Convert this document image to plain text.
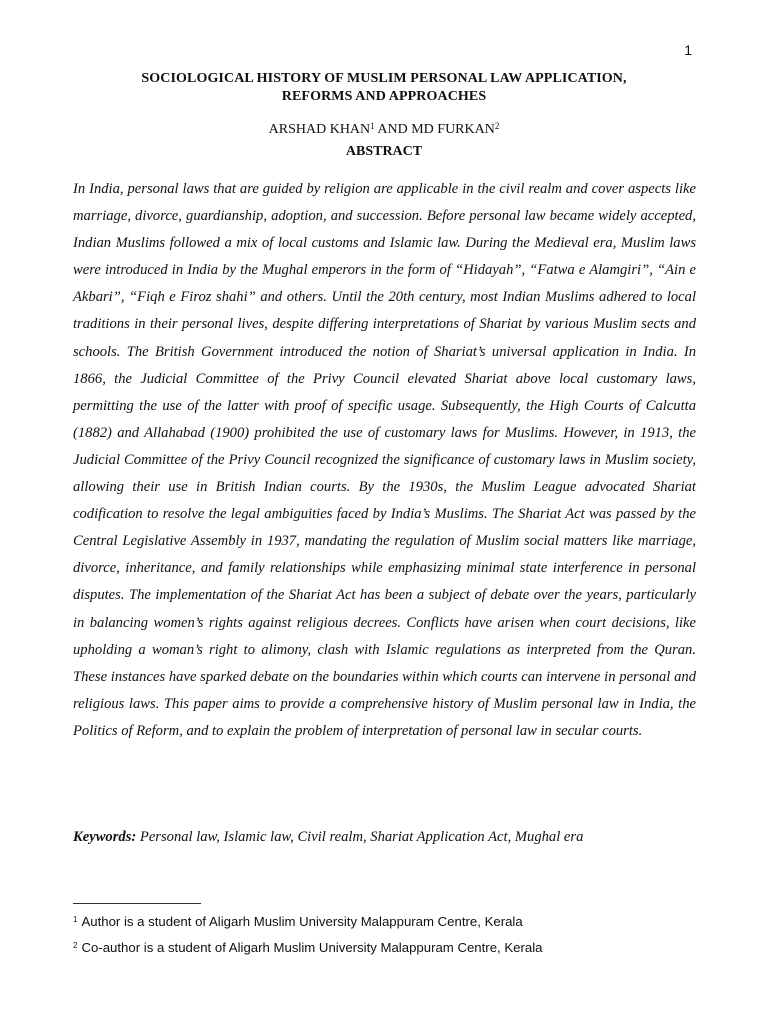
1
SOCIOLOGICAL HISTORY OF MUSLIM PERSONAL LAW APPLICATION,
REFORMS AND APPROACHES
ARSHAD KHAN$^1$ AND MD FURKAN$^2$
ABSTRACT

In India, personal laws that are guided by religion are applicable in the civil realm and cover aspects like marriage, divorce, guardianship, adoption, and succession. Before personal law became widely accepted, Indian Muslims followed a mix of local customs and Islamic law. During the Medieval era, Muslim laws were introduced in India by the Mughal emperors in the form of “Hidayah”, “Fatwa e Alamgiri”, “Ain e Akbari”, “Fiqh e Firoz shahi” and others. Until the 20th century, most Indian Muslims adhered to local traditions in their personal lives, despite differing interpretations of Shariat by various Muslim sects and schools. The British Government introduced the notion of Shariat’s universal application in India. In 1866, the Judicial Committee of the Privy Council elevated Shariat above local customary laws, permitting the use of the latter with proof of specific usage. Subsequently, the High Courts of Calcutta (1882) and Allahabad (1900) prohibited the use of customary laws for Muslims. However, in 1913, the Judicial Committee of the Privy Council recognized the significance of customary laws in Muslim society, allowing their use in British Indian courts. By the 1930s, the Muslim League advocated Shariat codification to resolve the legal ambiguities faced by India’s Muslims. The Shariat Act was passed by the Central Legislative Assembly in 1937, mandating the regulation of Muslim social matters like marriage, divorce, inheritance, and family relationships while emphasizing minimal state interference in personal disputes. The implementation of the Shariat Act has been a subject of debate over the years, particularly in balancing women’s rights against religious decrees. Conflicts have arisen when court decisions, like upholding a woman’s right to alimony, clash with Islamic regulations as interpreted from the Quran. These instances have sparked debate on the boundaries within which courts can intervene in personal and religious laws. This paper aims to provide a comprehensive history of Muslim personal law in India, the Politics of Reform, and to explain the problem of interpretation of personal law in secular courts.

Keywords: Personal law, Islamic law, Civil realm, Shariat Application Act, Mughal era
$^1$ Author is a student of Aligarh Muslim University Malappuram Centre, Kerala
$^2$ Co-author is a student of Aligarh Muslim University Malappuram Centre, Kerala
